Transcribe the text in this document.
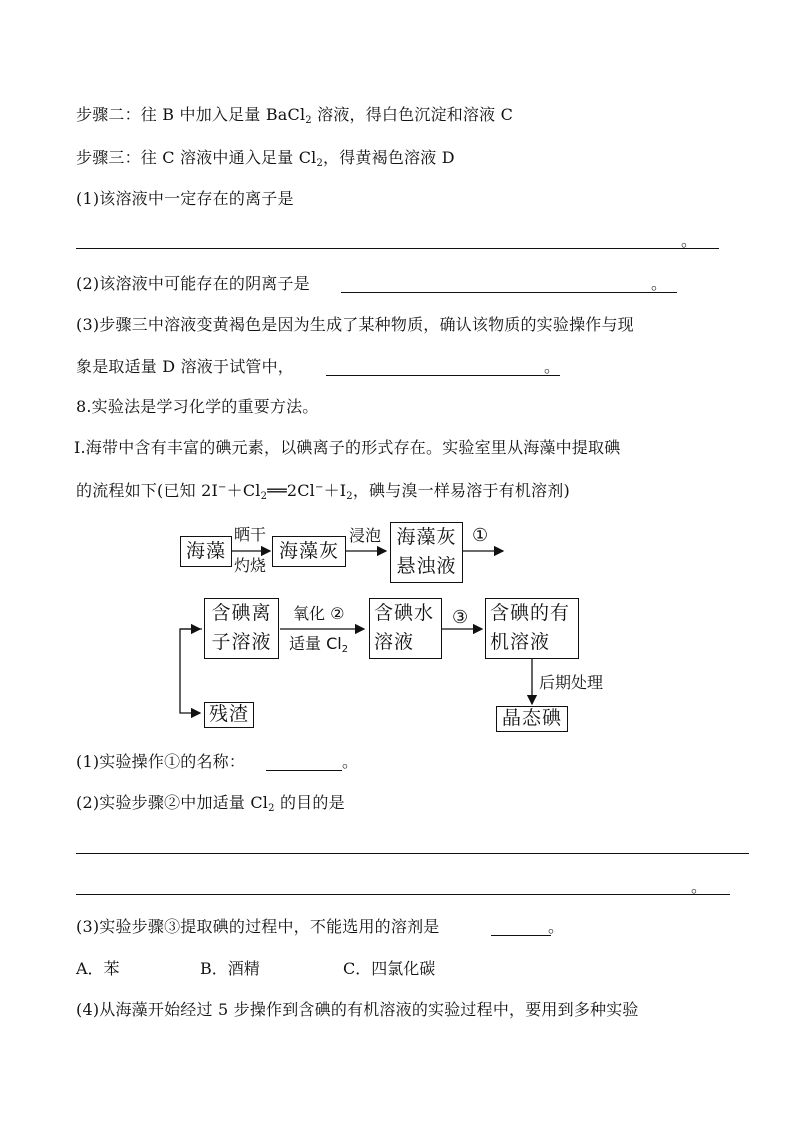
步骤二：往 B 中加入足量 BaCl$_2$ 溶液，得白色沉淀和溶液 C
步骤三：往 C 溶液中通入足量 $Cl_2$，得黄褐色溶液 D
(1)该溶液中一定存在的离子是
。
(2)该溶液中可能存在的阴离子是	。
(3)步骤三中溶液变黄褐色是因为生成了某种物质，确认该物质的实验操作与现
象是取适量 D 溶液于试管中，	。
8.实验法是学习化学的重要方法。
Ⅰ.海带中含有丰富的碘元素，以碘离子的形式存在。实验室里从海藻中提取碘
的流程如下(已知 $2I^-+Cl_2══2Cl^-+I_2$，碘与溴一样易溶于有机溶剂)
海藻
晒干
灼烧
海藻灰
浸泡 海藻灰
悬浊液
①
含碘离
子溶液
氧化 ②
适量 $Cl_2$
含碘水
溶液
③ 含碘的有
机溶液
后期处理
晶态碘
残渣
(1)实验操作①的名称：	。
(2)实验步骤②中加适量 $Cl_2$ 的目的是
。
(3)实验步骤③提取碘的过程中，不能选用的溶剂是	。
A．苯	B．酒精	C．四氯化碳
(4)从海藻开始经过 5 步操作到含碘的有机溶液的实验过程中，要用到多种实验
